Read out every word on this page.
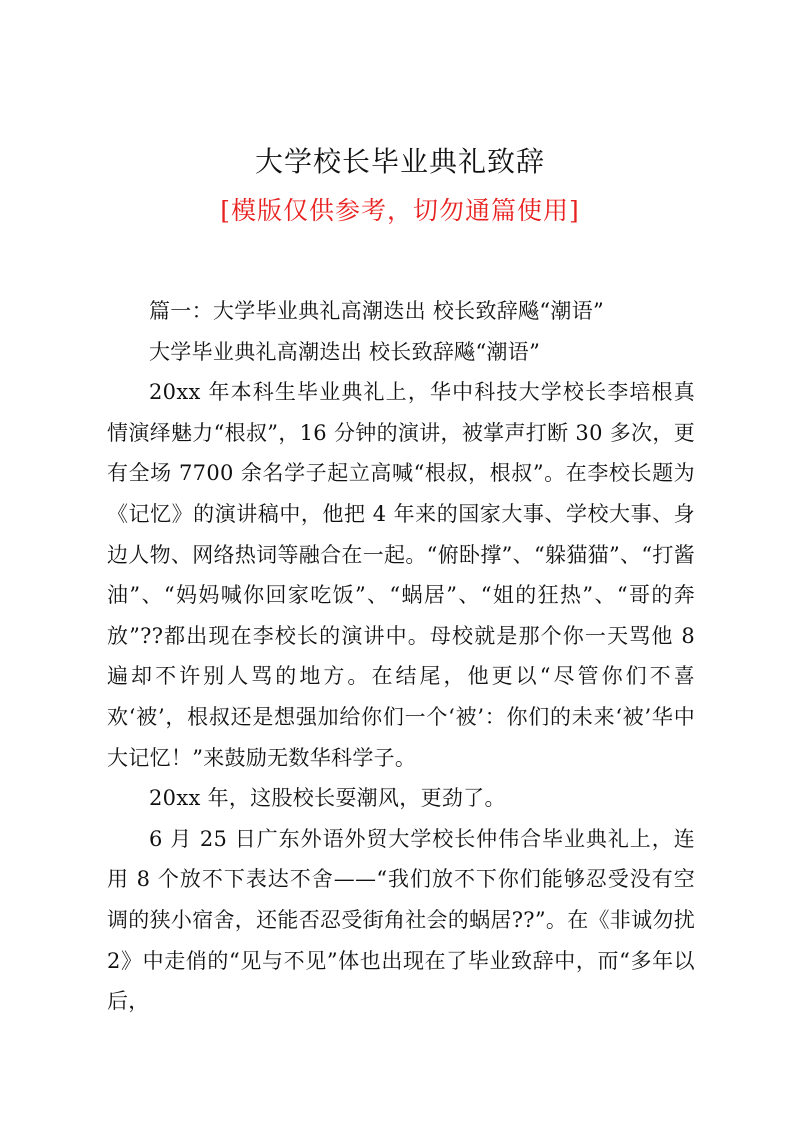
大学校长毕业典礼致辞
[模版仅供参考，切勿通篇使用]

篇一：大学毕业典礼高潮迭出 校长致辞飚“潮语”

大学毕业典礼高潮迭出 校长致辞飚“潮语”

20xx 年本科生毕业典礼上，华中科技大学校长李培根真情演绎魅力“根叔”，16 分钟的演讲，被掌声打断 30 多次，更有全场 7700 余名学子起立高喊“根叔，根叔”。在李校长题为《记忆》的演讲稿中，他把 4 年来的国家大事、学校大事、身边人物、网络热词等融合在一起。“俯卧撑”、“躲猫猫”、“打酱油”、“妈妈喊你回家吃饭”、“蜗居”、“姐的狂热”、“哥的奔放”??都出现在李校长的演讲中。母校就是那个你一天骂他 8 遍却不许别人骂的地方。在结尾，他更以“尽管你们不喜欢‘被’，根叔还是想强加给你们一个‘被’：你们的未来‘被’华中大记忆！”来鼓励无数华科学子。

20xx 年，这股校长耍潮风，更劲了。

6 月 25 日广东外语外贸大学校长仲伟合毕业典礼上，连用 8 个放不下表达不舍——“我们放不下你们能够忍受没有空调的狭小宿舍，还能否忍受街角社会的蜗居??”。在《非诚勿扰 2》中走俏的“见与不见”体也出现在了毕业致辞中，而“多年以后，
